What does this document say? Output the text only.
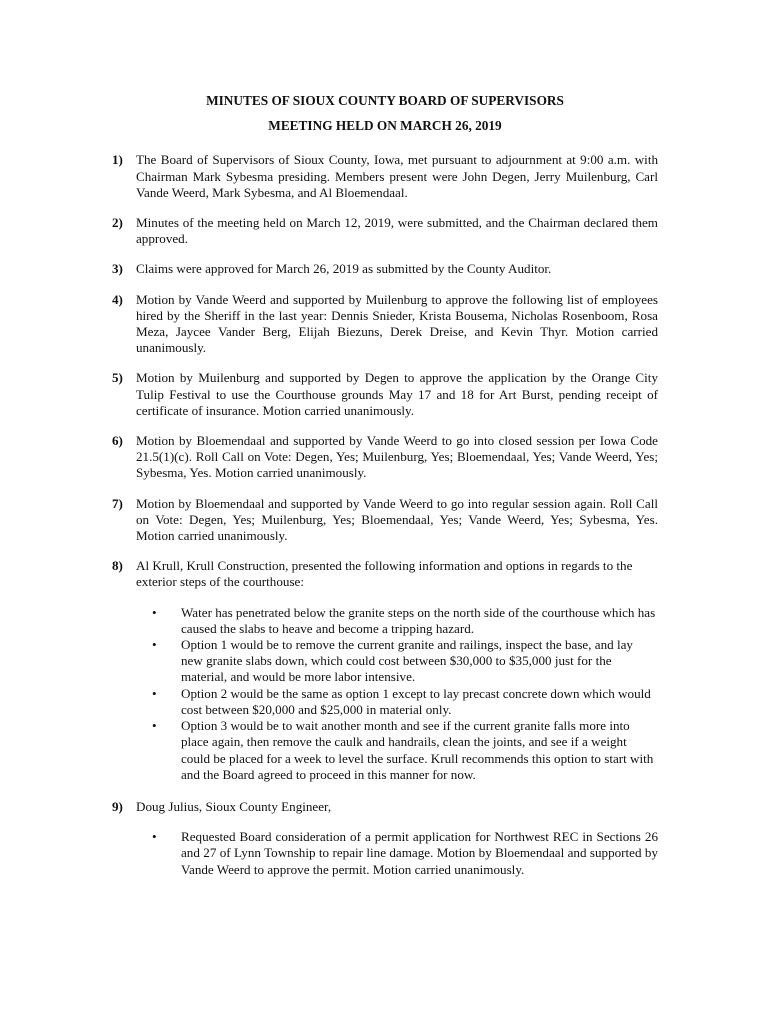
MINUTES OF SIOUX COUNTY BOARD OF SUPERVISORS

MEETING HELD ON MARCH 26, 2019

1) The Board of Supervisors of Sioux County, Iowa, met pursuant to adjournment at 9:00 a.m. with Chairman Mark Sybesma presiding. Members present were John Degen, Jerry Muilenburg, Carl Vande Weerd, Mark Sybesma, and Al Bloemendaal.
2) Minutes of the meeting held on March 12, 2019, were submitted, and the Chairman declared them approved.
3) Claims were approved for March 26, 2019 as submitted by the County Auditor.
4) Motion by Vande Weerd and supported by Muilenburg to approve the following list of employees hired by the Sheriff in the last year: Dennis Snieder, Krista Bousema, Nicholas Rosenboom, Rosa Meza, Jaycee Vander Berg, Elijah Biezuns, Derek Dreise, and Kevin Thyr. Motion carried unanimously.
5) Motion by Muilenburg and supported by Degen to approve the application by the Orange City Tulip Festival to use the Courthouse grounds May 17 and 18 for Art Burst, pending receipt of certificate of insurance. Motion carried unanimously.
6) Motion by Bloemendaal and supported by Vande Weerd to go into closed session per Iowa Code 21.5(1)(c). Roll Call on Vote: Degen, Yes; Muilenburg, Yes; Bloemendaal, Yes; Vande Weerd, Yes; Sybesma, Yes. Motion carried unanimously.
7) Motion by Bloemendaal and supported by Vande Weerd to go into regular session again. Roll Call on Vote: Degen, Yes; Muilenburg, Yes; Bloemendaal, Yes; Vande Weerd, Yes; Sybesma, Yes. Motion carried unanimously.
8) Al Krull, Krull Construction, presented the following information and options in regards to the exterior steps of the courthouse:
• Water has penetrated below the granite steps on the north side of the courthouse which has caused the slabs to heave and become a tripping hazard.
• Option 1 would be to remove the current granite and railings, inspect the base, and lay new granite slabs down, which could cost between $30,000 to $35,000 just for the material, and would be more labor intensive.
• Option 2 would be the same as option 1 except to lay precast concrete down which would cost between $20,000 and $25,000 in material only.
• Option 3 would be to wait another month and see if the current granite falls more into place again, then remove the caulk and handrails, clean the joints, and see if a weight could be placed for a week to level the surface. Krull recommends this option to start with and the Board agreed to proceed in this manner for now.
9) Doug Julius, Sioux County Engineer,
• Requested Board consideration of a permit application for Northwest REC in Sections 26 and 27 of Lynn Township to repair line damage. Motion by Bloemendaal and supported by Vande Weerd to approve the permit. Motion carried unanimously.
